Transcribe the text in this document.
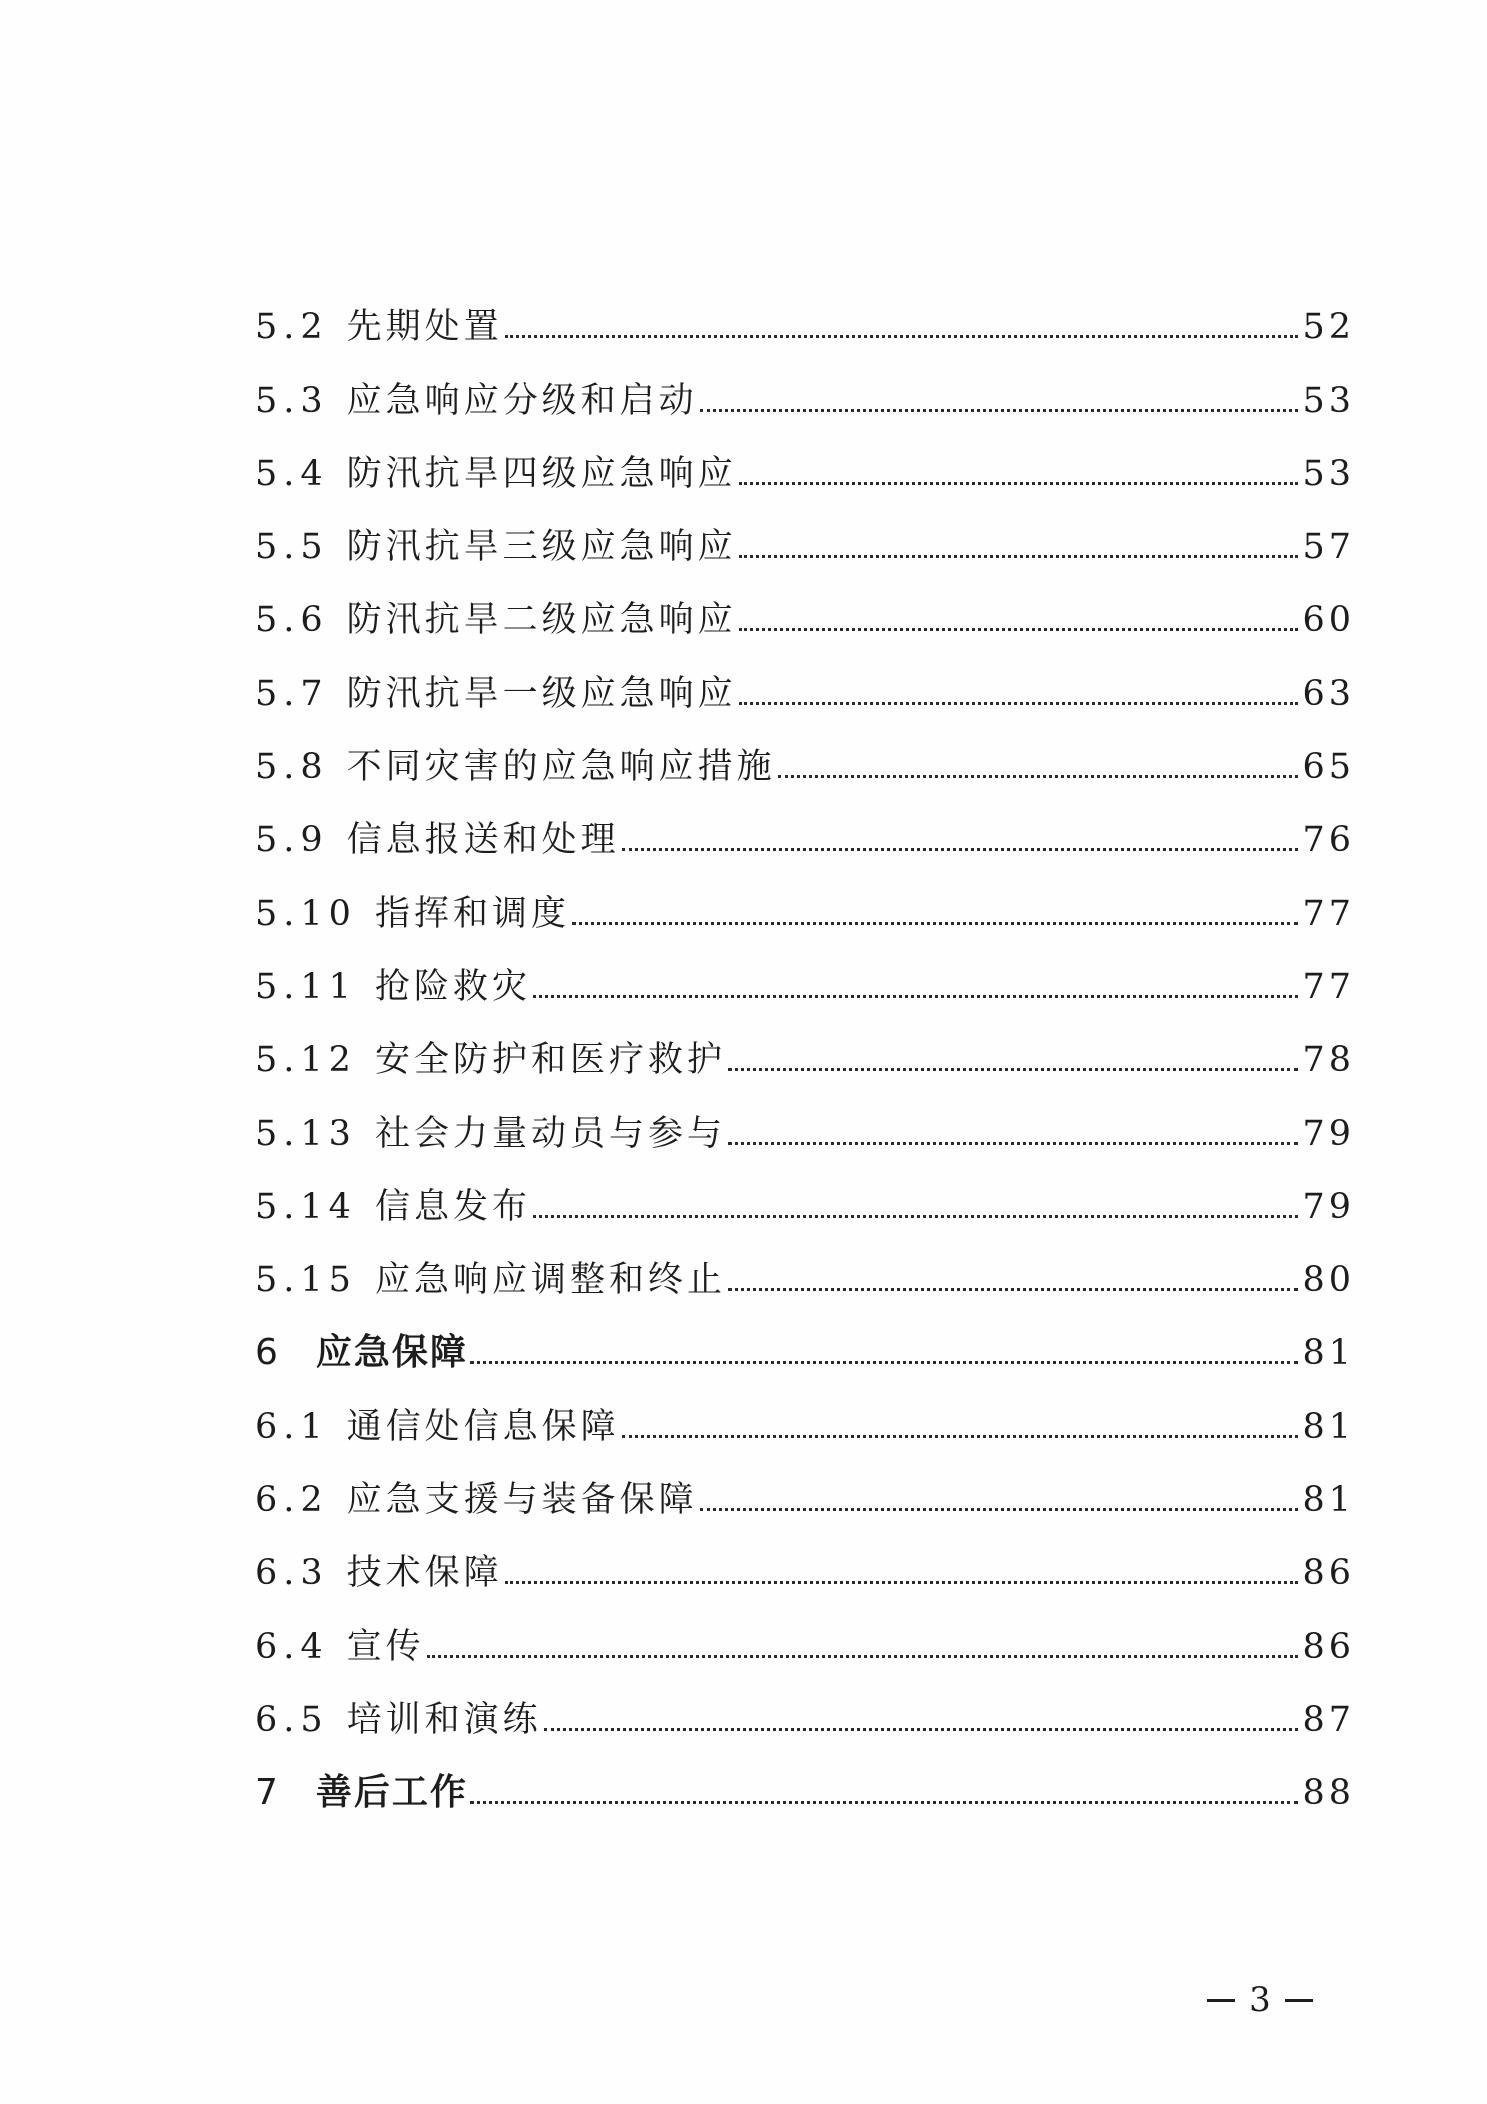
5.2 先期处置	52
5.3 应急响应分级和启动	53
5.4 防汛抗旱四级应急响应	53
5.5 防汛抗旱三级应急响应	57
5.6 防汛抗旱二级应急响应	60
5.7 防汛抗旱一级应急响应	63
5.8 不同灾害的应急响应措施	65
5.9 信息报送和处理	76
5.10 指挥和调度	77
5.11 抢险救灾	77
5.12 安全防护和医疗救护	78
5.13 社会力量动员与参与	79
5.14 信息发布	79
5.15 应急响应调整和终止	80
6 应急保障	81
6.1 通信处信息保障	81
6.2 应急支援与装备保障	81
6.3 技术保障	86
6.4 宣传	86
6.5 培训和演练	87
7 善后工作	88
3
